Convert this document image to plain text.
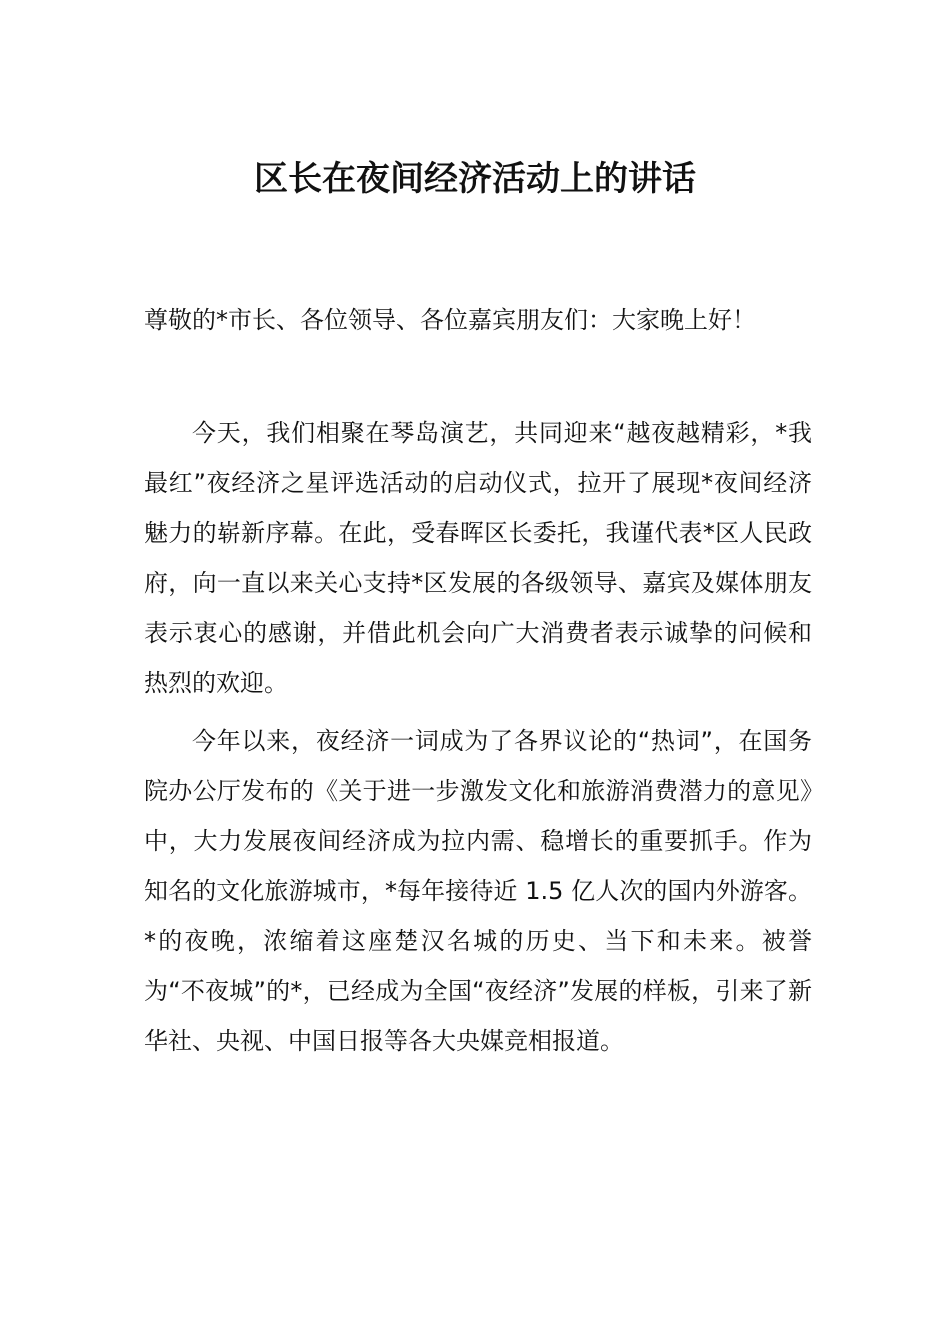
区长在夜间经济活动上的讲话

尊敬的*市长、各位领导、各位嘉宾朋友们：大家晚上好！

今天，我们相聚在琴岛演艺，共同迎来“越夜越精彩，*我最红”夜经济之星评选活动的启动仪式，拉开了展现*夜间经济魅力的崭新序幕。在此，受春晖区长委托，我谨代表*区人民政府，向一直以来关心支持*区发展的各级领导、嘉宾及媒体朋友表示衷心的感谢，并借此机会向广大消费者表示诚挚的问候和热烈的欢迎。

今年以来，夜经济一词成为了各界议论的“热词”，在国务院办公厅发布的《关于进一步激发文化和旅游消费潜力的意见》中，大力发展夜间经济成为拉内需、稳增长的重要抓手。作为知名的文化旅游城市，*每年接待近 1.5 亿人次的国内外游客。*的夜晚，浓缩着这座楚汉名城的历史、当下和未来。被誉为“不夜城”的*，已经成为全国“夜经济”发展的样板，引来了新华社、央视、中国日报等各大央媒竞相报道。
